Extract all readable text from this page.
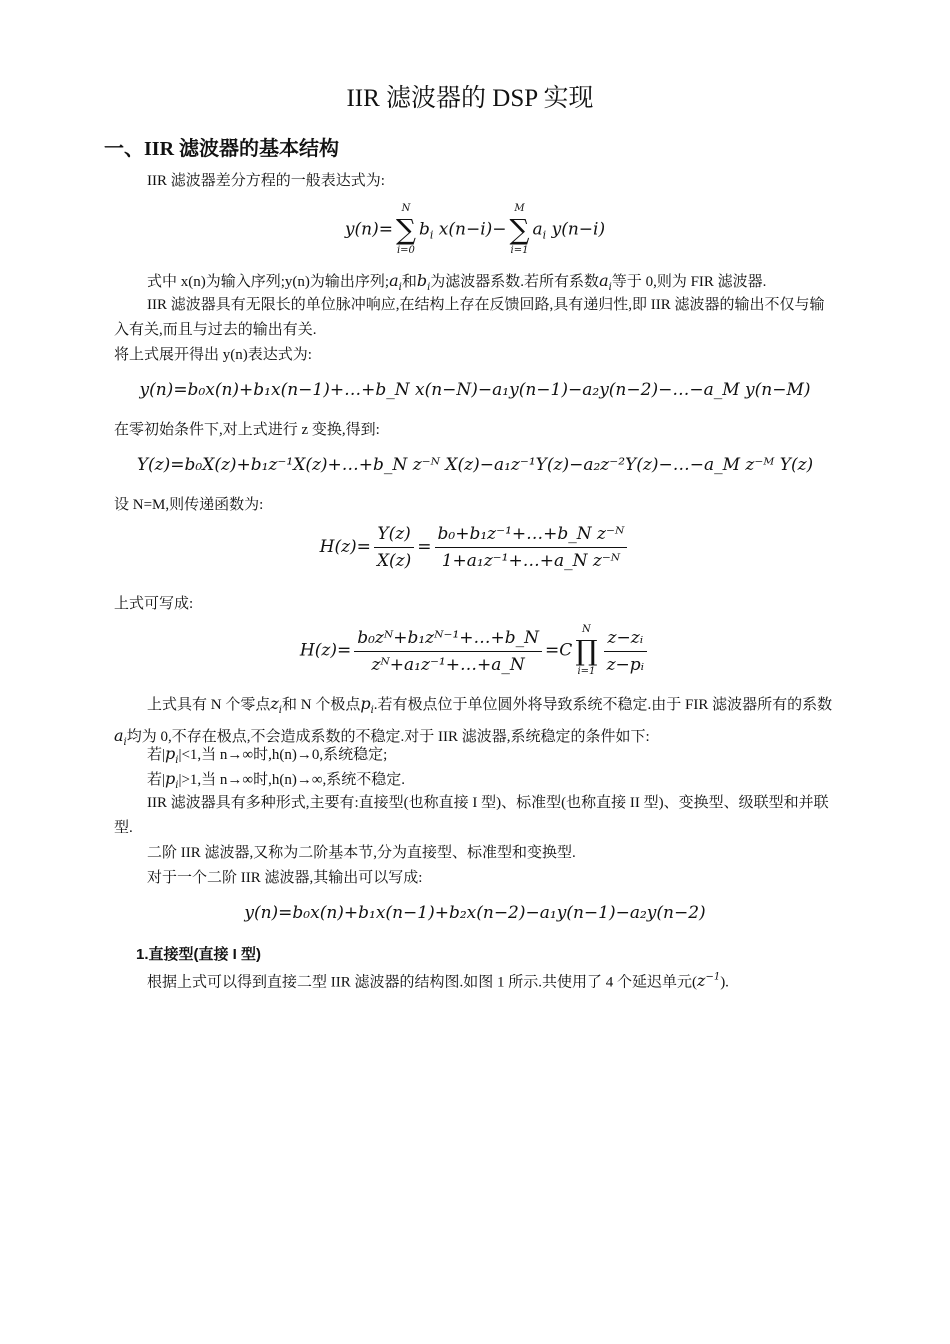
IIR 滤波器的 DSP 实现
一、IIR 滤波器的基本结构
IIR 滤波器差分方程的一般表达式为:
y(n)=
N
∑
i=0
$b_i$ x(n−i)−
M
∑
i=1
$a_i$ y(n−i)
式中 x(n)为输入序列;y(n)为输出序列$;a_i$和$b_i$为滤波器系数.若所有系数$a_i$等于 0,则为 FIR 滤波器.
IIR 滤波器具有无限长的单位脉冲响应,在结构上存在反馈回路,具有递归性,即 IIR 滤波器的输出不仅与输入有关,而且与过去的输出有关.
将上式展开得出 y(n)表达式为:
y(n)=b₀x(n)+b₁x(n−1)+…+b_N x(n−N)−a₁y(n−1)−a₂y(n−2)−…−a_M y(n−M)
在零初始条件下,对上式进行 z 变换,得到:
Y(z)=b₀X(z)+b₁z⁻¹X(z)+…+b_N z⁻ᴺ X(z)−a₁z⁻¹Y(z)−a₂z⁻²Y(z)−…−a_M z⁻ᴹ Y(z)
设 N=M,则传递函数为:
$H(z)= \frac{Y(z)}{X(z)} = \frac{\text{b₀+b₁z⁻¹+…+b\_N z⁻ᴺ}}{\text{1+a₁z⁻¹+…+a\_N z⁻ᴺ}}$
上式可写成:
$H(z)= \frac{\text{b₀zᴺ+b₁zᴺ⁻¹+…+b\_N}}{\text{zᴺ+a₁z⁻¹+…+a\_N}} =C$
N
∏
$i=1 \frac{\text{z−zᵢ}}{\text{z−pᵢ}}$
上式具有 N 个零点$z_i$和 N 个极点$p_i$.若有极点位于单位圆外将导致系统不稳定.由于 FIR 滤波器所有的系数$a_i$均为 0,不存在极点,不会造成系数的不稳定.对于 IIR 滤波器,系统稳定的条件如下:
若$|p_i|<1$,当 n→∞时,h(n)→0,系统稳定;
若$|p_i|>1$,当 n→∞时,h(n)→∞,系统不稳定.
IIR 滤波器具有多种形式,主要有:直接型(也称直接 I 型)、标准型(也称直接 II 型)、变换型、级联型和并联型.
二阶 IIR 滤波器,又称为二阶基本节,分为直接型、标准型和变换型.
对于一个二阶 IIR 滤波器,其输出可以写成:
y(n)=b₀x(n)+b₁x(n−1)+b₂x(n−2)−a₁y(n−1)−a₂y(n−2)
1.直接型(直接 I 型)
根据上式可以得到直接二型 IIR 滤波器的结构图.如图 1 所示.共使用了 4 个延迟单元$(z^{-1})$.
